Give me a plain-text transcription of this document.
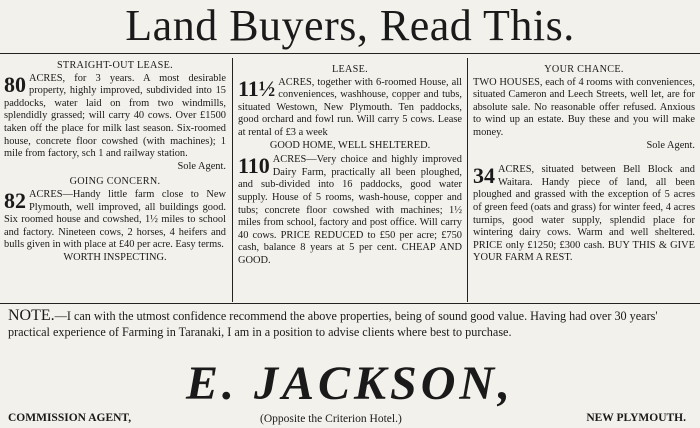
Land Buyers, Read This.

STRAIGHT-OUT LEASE.

80 ACRES, for 3 years. A most desirable property, highly improved, subdivided into 15 paddocks, water laid on from two windmills, splendidly grassed; will carry 40 cows. Over £1500 taken off the place for milk last season. Six-roomed house, concrete floor cowshed (with machines); 1 mile from factory, sch 1 and railway station.

Sole Agent.

GOING CONCERN.

82 ACRES—Handy little farm close to New Plymouth, well improved, all buildings good. Six roomed house and cowshed, 1½ miles to school and factory. Nineteen cows, 2 horses, 4 heifers and bulls given in with place at £40 per acre. Easy terms.

WORTH INSPECTING.

LEASE.

11½ ACRES, together with 6-roomed House, all conveniences, washhouse, copper and tubs, situated Westown, New Plymouth. Ten paddocks, good orchard and fowl run. Will carry 5 cows. Lease at rental of £3 a week

GOOD HOME, WELL SHELTERED.

110 ACRES—Very choice and highly improved Dairy Farm, practically all been ploughed, and sub-divided into 16 paddocks, good water supply. House of 5 rooms, wash-house, copper and tubs; concrete floor cowshed with machines; 1½ miles from school, factory and post office. Will carry 40 cows. PRICE REDUCED to £50 per acre; £750 cash, balance 8 years at 5 per cent. CHEAP AND GOOD.

YOUR CHANCE.

TWO HOUSES, each of 4 rooms with conveniences, situated Cameron and Leech Streets, well let, are for absolute sale. No reasonable offer refused. Anxious to wind up an estate. Buy these and you will make money.

Sole Agent.

34 ACRES, situated between Bell Block and Waitara. Handy piece of land, all been ploughed and grassed with the exception of 5 acres of green feed (oats and grass) for winter feed, 4 acres turnips, good water supply, splendid place for wintering dairy cows. Warm and well sheltered. PRICE only £1250; £300 cash. BUY THIS & GIVE YOUR FARM A REST.

NOTE.—I can with the utmost confidence recommend the above properties, being of sound good value. Having had over 30 years' practical experience of Farming in Taranaki, I am in a position to advise clients where best to purchase.
E. JACKSON,
COMMISSION AGENT,	(Opposite the Criterion Hotel.)	NEW PLYMOUTH.
